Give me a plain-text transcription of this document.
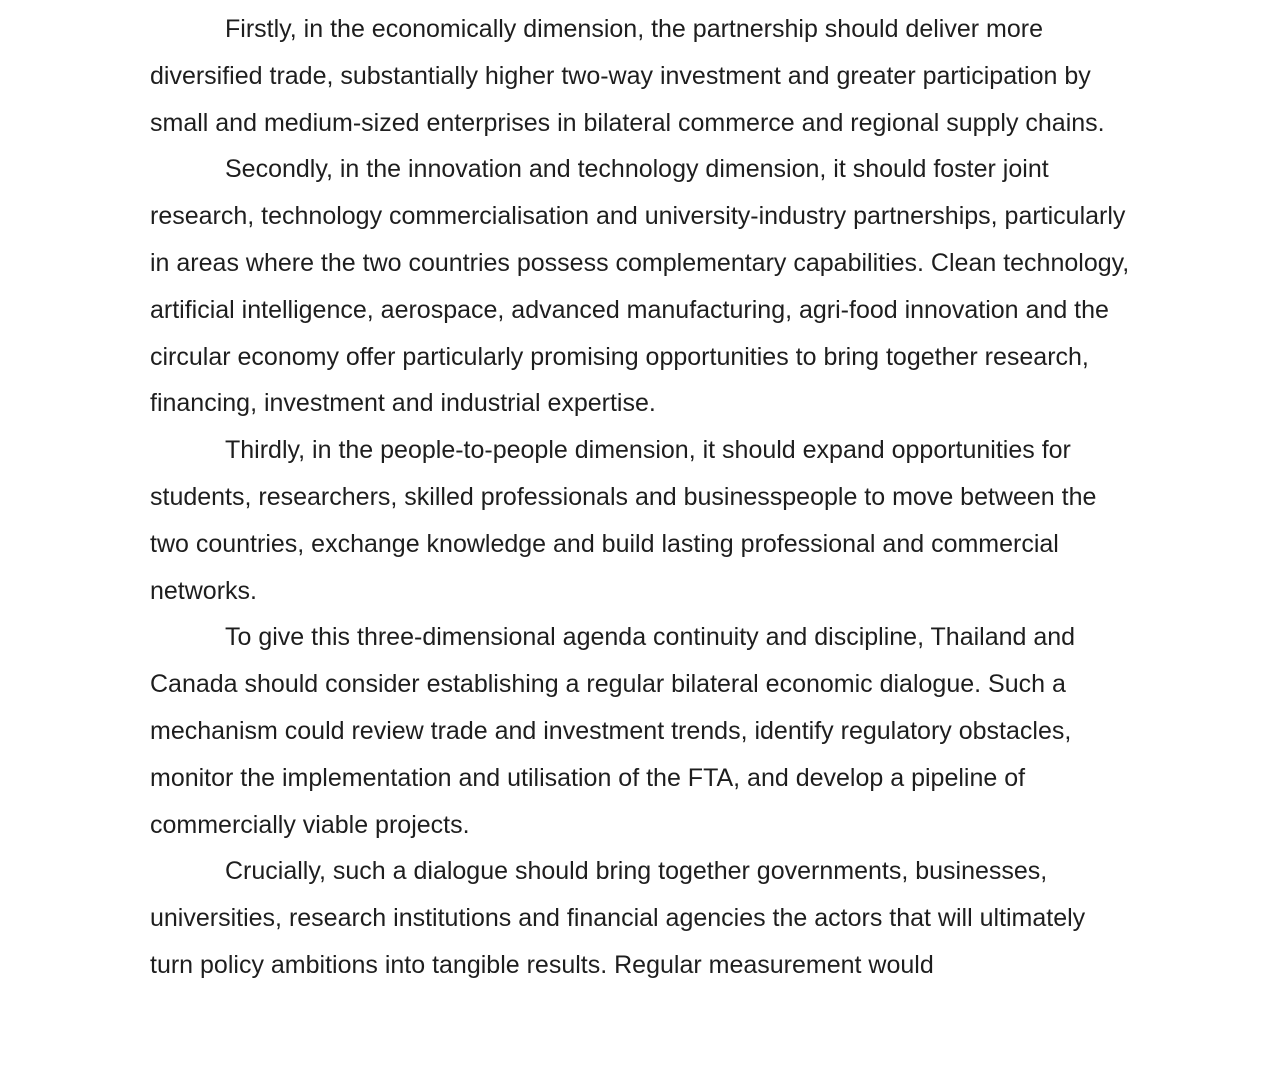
Firstly, in the economically dimension, the partnership should deliver more diversified trade, substantially higher two-way investment and greater participation by small and medium-sized enterprises in bilateral commerce and regional supply chains.

Secondly, in the innovation and technology dimension, it should foster joint research, technology commercialisation and university-industry partnerships, particularly in areas where the two countries possess complementary capabilities. Clean technology, artificial intelligence, aerospace, advanced manufacturing, agri-food innovation and the circular economy offer particularly promising opportunities to bring together research, financing, investment and industrial expertise.

Thirdly, in the people-to-people dimension, it should expand opportunities for students, researchers, skilled professionals and businesspeople to move between the two countries, exchange knowledge and build lasting professional and commercial networks.

To give this three-dimensional agenda continuity and discipline, Thailand and Canada should consider establishing a regular bilateral economic dialogue. Such a mechanism could review trade and investment trends, identify regulatory obstacles, monitor the implementation and utilisation of the FTA, and develop a pipeline of commercially viable projects.

Crucially, such a dialogue should bring together governments, businesses, universities, research institutions and financial agencies the actors that will ultimately turn policy ambitions into tangible results. Regular measurement would
